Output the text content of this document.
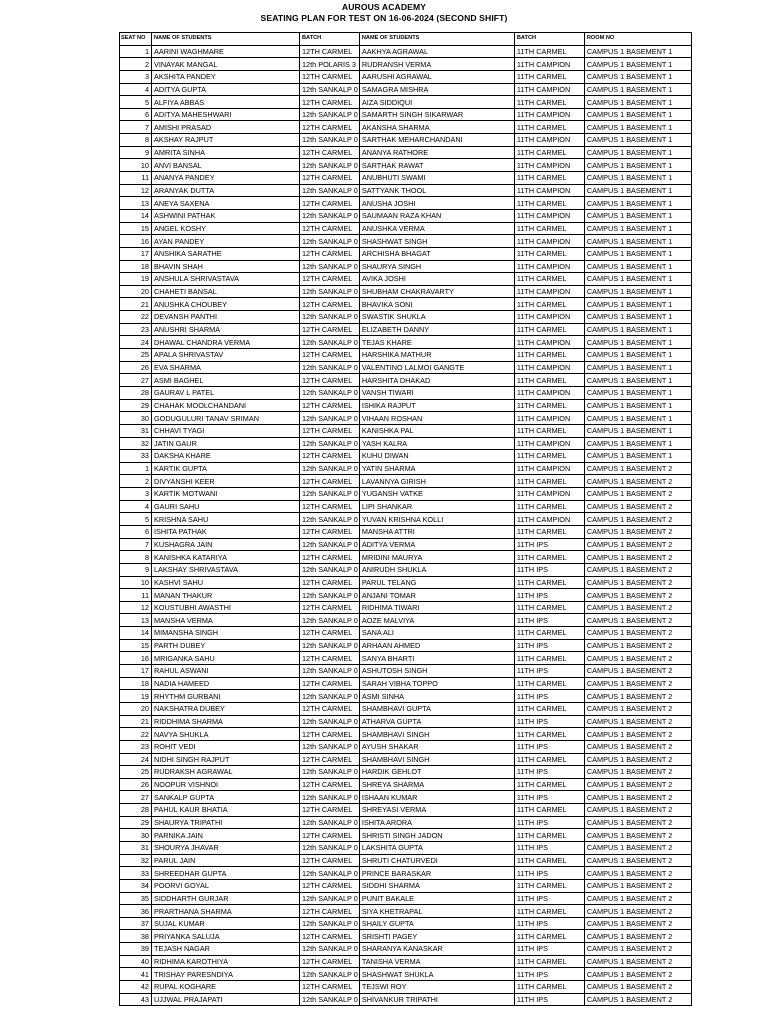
AUROUS ACADEMY
SEATING PLAN FOR TEST ON 16-06-2024 (SECOND SHIFT)
SEAT NO	NAME OF STUDENTS	BATCH	NAME OF STUDENTS	BATCH	ROOM NO
1	AARINI WAGHMARE	12TH CARMEL	AAKHYA AGRAWAL	11TH CARMEL	CAMPUS 1 BASEMENT 1
2	VINAYAK MANGAL	12th POLARIS 3	RUDRANSH VERMA	11TH CAMPION	CAMPUS 1 BASEMENT 1
3	AKSHITA PANDEY	12TH CARMEL	AARUSHI AGRAWAL	11TH CARMEL	CAMPUS 1 BASEMENT 1
4	ADITYA GUPTA	12th SANKALP 0	SAMAGRA MISHRA	11TH CAMPION	CAMPUS 1 BASEMENT 1
5	ALFIYA ABBAS	12TH CARMEL	AIZA SIDDIQUI	11TH CARMEL	CAMPUS 1 BASEMENT 1
6	ADITYA MAHESHWARI	12th SANKALP 0	SAMARTH SINGH SIKARWAR	11TH CAMPION	CAMPUS 1 BASEMENT 1
7	AMISHI PRASAD	12TH CARMEL	AKANSHA SHARMA	11TH CARMEL	CAMPUS 1 BASEMENT 1
8	AKSHAY RAJPUT	12th SANKALP 0	SARTHAK MEHARCHANDANI	11TH CAMPION	CAMPUS 1 BASEMENT 1
9	AMRITA SINHA	12TH CARMEL	ANANYA RATHORE	11TH CARMEL	CAMPUS 1 BASEMENT 1
10	ANVI BANSAL	12th SANKALP 0	SARTHAK RAWAT	11TH CAMPION	CAMPUS 1 BASEMENT 1
11	ANANYA PANDEY	12TH CARMEL	ANUBHUTI SWAMI	11TH CARMEL	CAMPUS 1 BASEMENT 1
12	ARANYAK DUTTA	12th SANKALP 0	SATTYANK THOOL	11TH CAMPION	CAMPUS 1 BASEMENT 1
13	ANEYA SAXENA	12TH CARMEL	ANUSHA JOSHI	11TH CARMEL	CAMPUS 1 BASEMENT 1
14	ASHWINI PATHAK	12th SANKALP 0	SAUMAAN RAZA KHAN	11TH CAMPION	CAMPUS 1 BASEMENT 1
15	ANGEL KOSHY	12TH CARMEL	ANUSHKA VERMA	11TH CARMEL	CAMPUS 1 BASEMENT 1
16	AYAN PANDEY	12th SANKALP 0	SHASHWAT SINGH	11TH CAMPION	CAMPUS 1 BASEMENT 1
17	ANSHIKA SARATHE	12TH CARMEL	ARCHISHA BHAGAT	11TH CARMEL	CAMPUS 1 BASEMENT 1
18	BHAVIN SHAH	12th SANKALP 0	SHAURYA SINGH	11TH CAMPION	CAMPUS 1 BASEMENT 1
19	ANSHULA SHRIVASTAVA	12TH CARMEL	AVIKA JOSHI	11TH CARMEL	CAMPUS 1 BASEMENT 1
20	CHAHETI BANSAL	12th SANKALP 0	SHUBHAM CHAKRAVARTY	11TH CAMPION	CAMPUS 1 BASEMENT 1
21	ANUSHKA CHOUBEY	12TH CARMEL	BHAVIKA SONI	11TH CARMEL	CAMPUS 1 BASEMENT 1
22	DEVANSH PANTHI	12th SANKALP 0	SWASTIK SHUKLA	11TH CAMPION	CAMPUS 1 BASEMENT 1
23	ANUSHRI SHARMA	12TH CARMEL	ELIZABETH DANNY	11TH CARMEL	CAMPUS 1 BASEMENT 1
24	DHAWAL CHANDRA VERMA	12th SANKALP 0	TEJAS KHARE	11TH CAMPION	CAMPUS 1 BASEMENT 1
25	APALA SHRIVASTAV	12TH CARMEL	HARSHIKA MATHUR	11TH CARMEL	CAMPUS 1 BASEMENT 1
26	EVA SHARMA	12th SANKALP 0	VALENTINO LALMOI GANGTE	11TH CAMPION	CAMPUS 1 BASEMENT 1
27	ASMI BAGHEL	12TH CARMEL	HARSHITA DHAKAD	11TH CARMEL	CAMPUS 1 BASEMENT 1
28	GAURAV L PATEL	12th SANKALP 0	VANSH TIWARI	11TH CAMPION	CAMPUS 1 BASEMENT 1
29	CHAHAK MOOLCHANDANI	12TH CARMEL	ISHIKA RAJPUT	11TH CARMEL	CAMPUS 1 BASEMENT 1
30	GODUGULURI TANAV SRIMAN	12th SANKALP 0	VIHAAN ROSHAN	11TH CAMPION	CAMPUS 1 BASEMENT 1
31	CHHAVI TYAGI	12TH CARMEL	KANISHKA PAL	11TH CARMEL	CAMPUS 1 BASEMENT 1
32	JATIN GAUR	12th SANKALP 0	YASH KALRA	11TH CAMPION	CAMPUS 1 BASEMENT 1
33	DAKSHA KHARE	12TH CARMEL	KUHU DIWAN	11TH CARMEL	CAMPUS 1 BASEMENT 1
1	KARTIK GUPTA	12th SANKALP 0	YATIN SHARMA	11TH CAMPION	CAMPUS 1 BASEMENT 2
2	DIVYANSHI KEER	12TH CARMEL	LAVANNYA GIRISH	11TH CARMEL	CAMPUS 1 BASEMENT 2
3	KARTIK MOTWANI	12th SANKALP 0	YUGANSH VATKE	11TH CAMPION	CAMPUS 1 BASEMENT 2
4	GAURI SAHU	12TH CARMEL	LIPI SHANKAR	11TH CARMEL	CAMPUS 1 BASEMENT 2
5	KRISHNA SAHU	12th SANKALP 0	YUVAN KRISHNA KOLLI	11TH CAMPION	CAMPUS 1 BASEMENT 2
6	ISHITA PATHAK	12TH CARMEL	MANSHA ATTRI	11TH CARMEL	CAMPUS 1 BASEMENT 2
7	KUSHAGRA JAIN	12th SANKALP 0	ADITYA VERMA	11TH IPS	CAMPUS 1 BASEMENT 2
8	KANISHKA KATARIYA	12TH CARMEL	MRIDINI MAURYA	11TH CARMEL	CAMPUS 1 BASEMENT 2
9	LAKSHAY SHRIVASTAVA	12th SANKALP 0	ANIRUDH SHUKLA	11TH IPS	CAMPUS 1 BASEMENT 2
10	KASHVI SAHU	12TH CARMEL	PARUL TELANG	11TH CARMEL	CAMPUS 1 BASEMENT 2
11	MANAN THAKUR	12th SANKALP 0	ANJANI TOMAR	11TH IPS	CAMPUS 1 BASEMENT 2
12	KOUSTUBHI AWASTHI	12TH CARMEL	RIDHIMA TIWARI	11TH CARMEL	CAMPUS 1 BASEMENT 2
13	MANSHA VERMA	12th SANKALP 0	AOZE MALVIYA	11TH IPS	CAMPUS 1 BASEMENT 2
14	MIMANSHA SINGH	12TH CARMEL	SANA ALI	11TH CARMEL	CAMPUS 1 BASEMENT 2
15	PARTH DUBEY	12th SANKALP 0	ARHAAN AHMED	11TH IPS	CAMPUS 1 BASEMENT 2
16	MRIGANKA SAHU	12TH CARMEL	SANYA BHARTI	11TH CARMEL	CAMPUS 1 BASEMENT 2
17	RAHUL ASWANI	12th SANKALP 0	ASHUTOSH SINGH	11TH IPS	CAMPUS 1 BASEMENT 2
18	NADIA HAMEED	12TH CARMEL	SARAH VIBHA TOPPO	11TH CARMEL	CAMPUS 1 BASEMENT 2
19	RHYTHM GURBANI	12th SANKALP 0	ASMI SINHA	11TH IPS	CAMPUS 1 BASEMENT 2
20	NAKSHATRA DUBEY	12TH CARMEL	SHAMBHAVI GUPTA	11TH CARMEL	CAMPUS 1 BASEMENT 2
21	RIDDHIMA SHARMA	12th SANKALP 0	ATHARVA GUPTA	11TH IPS	CAMPUS 1 BASEMENT 2
22	NAVYA SHUKLA	12TH CARMEL	SHAMBHAVI SINGH	11TH CARMEL	CAMPUS 1 BASEMENT 2
23	ROHIT VEDI	12th SANKALP 0	AYUSH SHAKAR	11TH IPS	CAMPUS 1 BASEMENT 2
24	NIDHI SINGH RAJPUT	12TH CARMEL	SHAMBHAVI SINGH	11TH CARMEL	CAMPUS 1 BASEMENT 2
25	RUDRAKSH AGRAWAL	12th SANKALP 0	HARDIK GEHLOT	11TH IPS	CAMPUS 1 BASEMENT 2
26	NOOPUR VISHNOI	12TH CARMEL	SHREYA SHARMA	11TH CARMEL	CAMPUS 1 BASEMENT 2
27	SANKALP GUPTA	12th SANKALP 0	ISHAAN KUMAR	11TH IPS	CAMPUS 1 BASEMENT 2
28	PAHUL KAUR BHATIA	12TH CARMEL	SHREYASI VERMA	11TH CARMEL	CAMPUS 1 BASEMENT 2
29	SHAURYA TRIPATHI	12th SANKALP 0	ISHITA ARORA	11TH IPS	CAMPUS 1 BASEMENT 2
30	PARNIKA JAIN	12TH CARMEL	SHRISTI SINGH JADON	11TH CARMEL	CAMPUS 1 BASEMENT 2
31	SHOURYA JHAVAR	12th SANKALP 0	LAKSHITA GUPTA	11TH IPS	CAMPUS 1 BASEMENT 2
32	PARUL JAIN	12TH CARMEL	SHRUTI CHATURVEDI	11TH CARMEL	CAMPUS 1 BASEMENT 2
33	SHREEDHAR GUPTA	12th SANKALP 0	PRINCE BARASKAR	11TH IPS	CAMPUS 1 BASEMENT 2
34	POORVI GOYAL	12TH CARMEL	SIDDHI SHARMA	11TH CARMEL	CAMPUS 1 BASEMENT 2
35	SIDDHARTH GURJAR	12th SANKALP 0	PUNIT BAKALE	11TH IPS	CAMPUS 1 BASEMENT 2
36	PRARTHANA SHARMA	12TH CARMEL	SIYA KHETRAPAL	11TH CARMEL	CAMPUS 1 BASEMENT 2
37	SUJAL KUMAR	12th SANKALP 0	SHAILY GUPTA	11TH IPS	CAMPUS 1 BASEMENT 2
38	PRIYANKA SALUJA	12TH CARMEL	SRISHTI PAGEY	11TH CARMEL	CAMPUS 1 BASEMENT 2
39	TEJASH NAGAR	12th SANKALP 0	SHARANYA KANASKAR	11TH IPS	CAMPUS 1 BASEMENT 2
40	RIDHIMA KAROTHIYA	12TH CARMEL	TANISHA VERMA	11TH CARMEL	CAMPUS 1 BASEMENT 2
41	TRISHAY PARESNDIYA	12th SANKALP 0	SHASHWAT SHUKLA	11TH IPS	CAMPUS 1 BASEMENT 2
42	RUPAL KOGHARE	12TH CARMEL	TEJSWI ROY	11TH CARMEL	CAMPUS 1 BASEMENT 2
43	UJJWAL PRAJAPATI	12th SANKALP 0	SHIVANKUR TRIPATHI	11TH IPS	CAMPUS 1 BASEMENT 2
